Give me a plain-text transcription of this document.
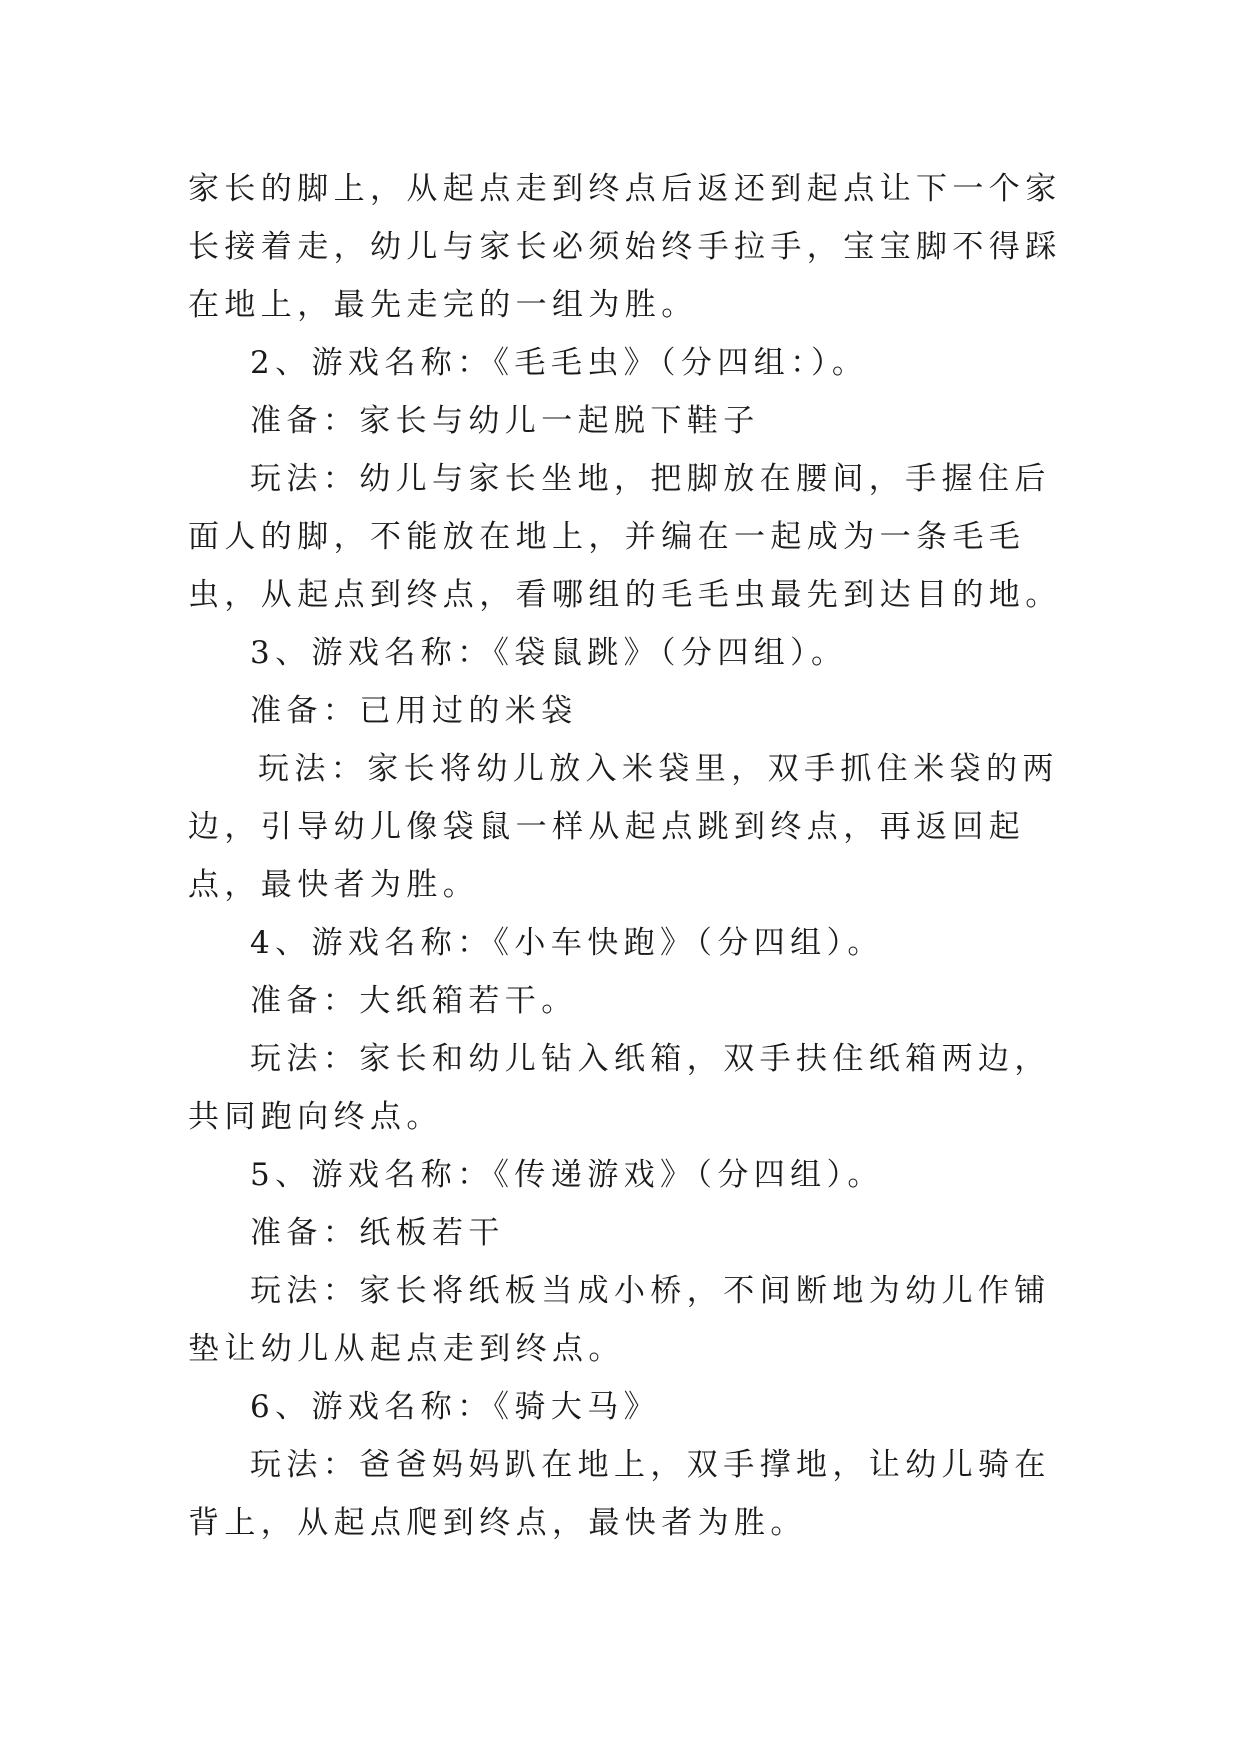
家长的脚上，从起点走到终点后返还到起点让下一个家长接着走，幼儿与家长必须始终手拉手，宝宝脚不得踩在地上，最先走完的一组为胜。

2、游戏名称：《毛毛虫》（分四组：）。

准备：家长与幼儿一起脱下鞋子

玩法：幼儿与家长坐地，把脚放在腰间，手握住后面人的脚，不能放在地上，并编在一起成为一条毛毛虫，从起点到终点，看哪组的毛毛虫最先到达目的地。

3、游戏名称：《袋鼠跳》（分四组）。

准备：已用过的米袋

玩法：家长将幼儿放入米袋里，双手抓住米袋的两边，引导幼儿像袋鼠一样从起点跳到终点，再返回起点，最快者为胜。

4、游戏名称：《小车快跑》（分四组）。

准备：大纸箱若干。

玩法：家长和幼儿钻入纸箱，双手扶住纸箱两边，共同跑向终点。

5、游戏名称：《传递游戏》（分四组）。

准备：纸板若干

玩法：家长将纸板当成小桥，不间断地为幼儿作铺垫让幼儿从起点走到终点。

6、游戏名称：《骑大马》

玩法：爸爸妈妈趴在地上，双手撑地，让幼儿骑在背上，从起点爬到终点，最快者为胜。
